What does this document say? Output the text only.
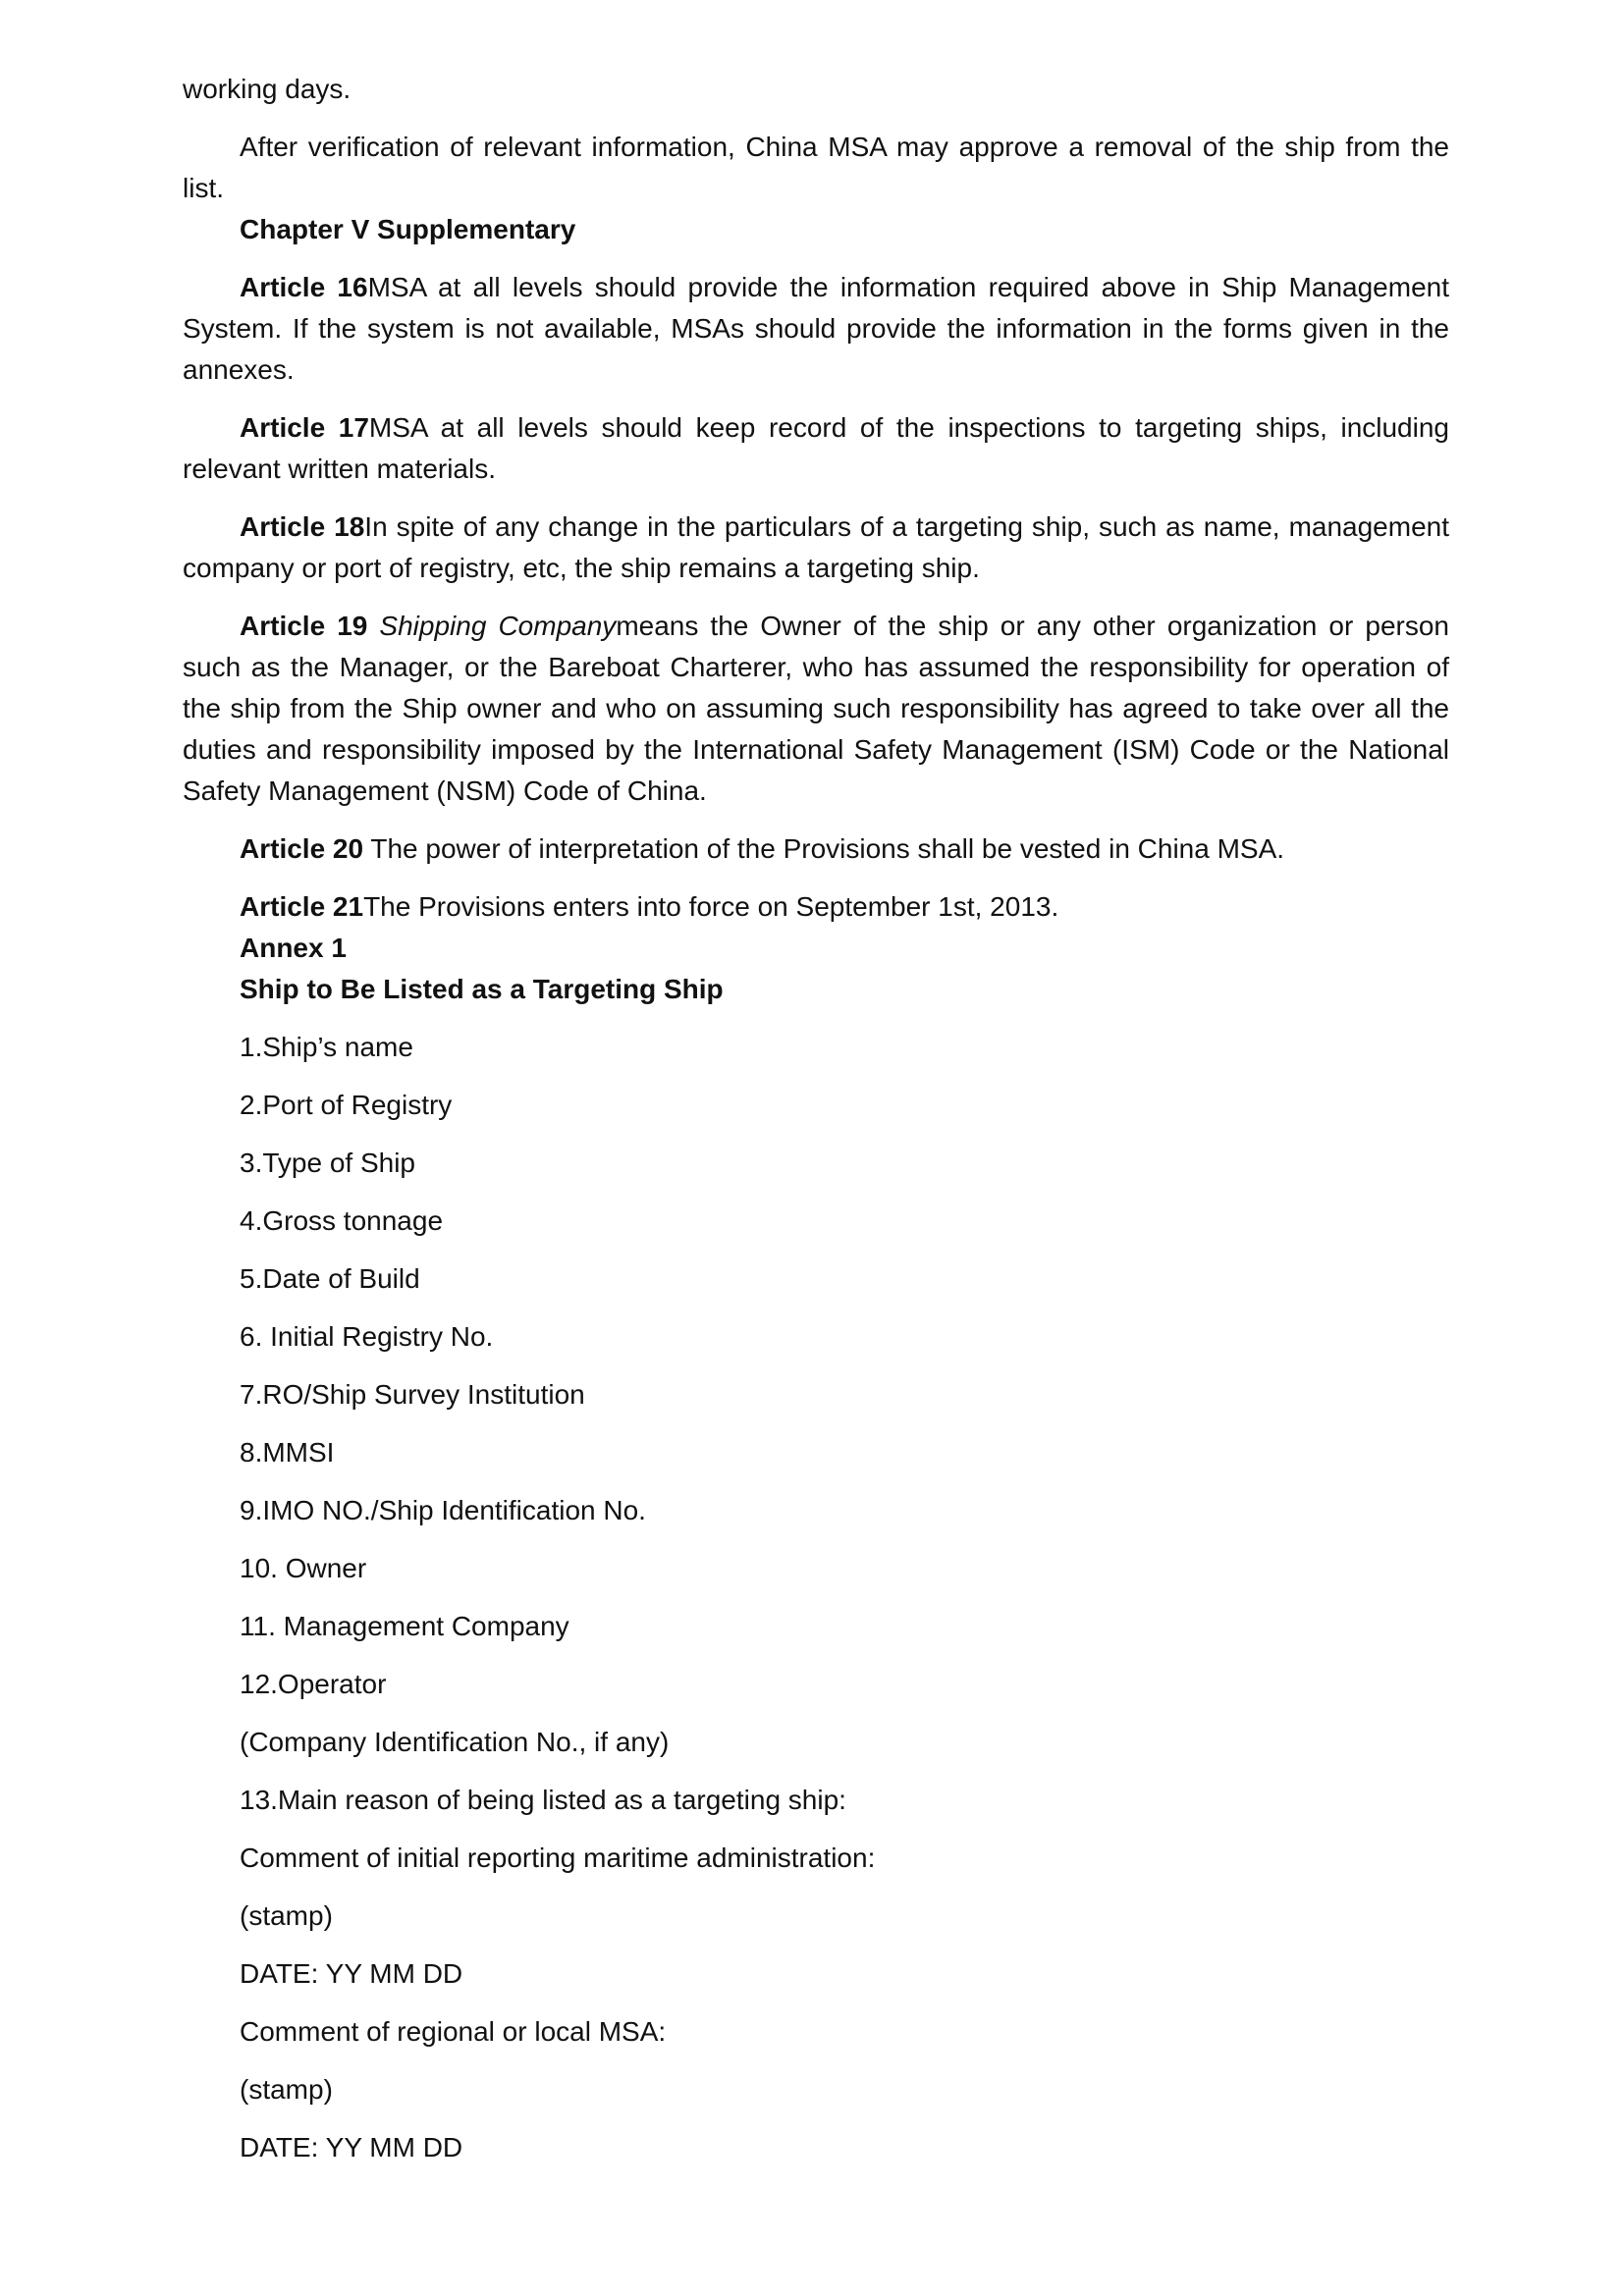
working days.

After verification of relevant information, China MSA may approve a removal of the ship from the list.

Chapter V Supplementary

Article 16MSA at all levels should provide the information required above in Ship Management System. If the system is not available, MSAs should provide the information in the forms given in the annexes.

Article 17MSA at all levels should keep record of the inspections to targeting ships, including relevant written materials.

Article 18In spite of any change in the particulars of a targeting ship, such as name, management company or port of registry, etc, the ship remains a targeting ship.

Article 19 Shipping Companymeans the Owner of the ship or any other organization or person such as the Manager, or the Bareboat Charterer, who has assumed the responsibility for operation of the ship from the Ship owner and who on assuming such responsibility has agreed to take over all the duties and responsibility imposed by the International Safety Management (ISM) Code or the National Safety Management (NSM) Code of China.

Article 20 The power of interpretation of the Provisions shall be vested in China MSA.

Article 21The Provisions enters into force on September 1st, 2013.

Annex 1

Ship to Be Listed as a Targeting Ship

1.Ship’s name

2.Port of Registry

3.Type of Ship

4.Gross tonnage

5.Date of Build

6. Initial Registry No.

7.RO/Ship Survey Institution

8.MMSI

9.IMO NO./Ship Identification No.

10. Owner

11. Management Company

12.Operator

(Company Identification No., if any)

13.Main reason of being listed as a targeting ship:

Comment of initial reporting maritime administration:

(stamp)

DATE: YY MM DD

Comment of regional or local MSA:

(stamp)

DATE: YY MM DD
